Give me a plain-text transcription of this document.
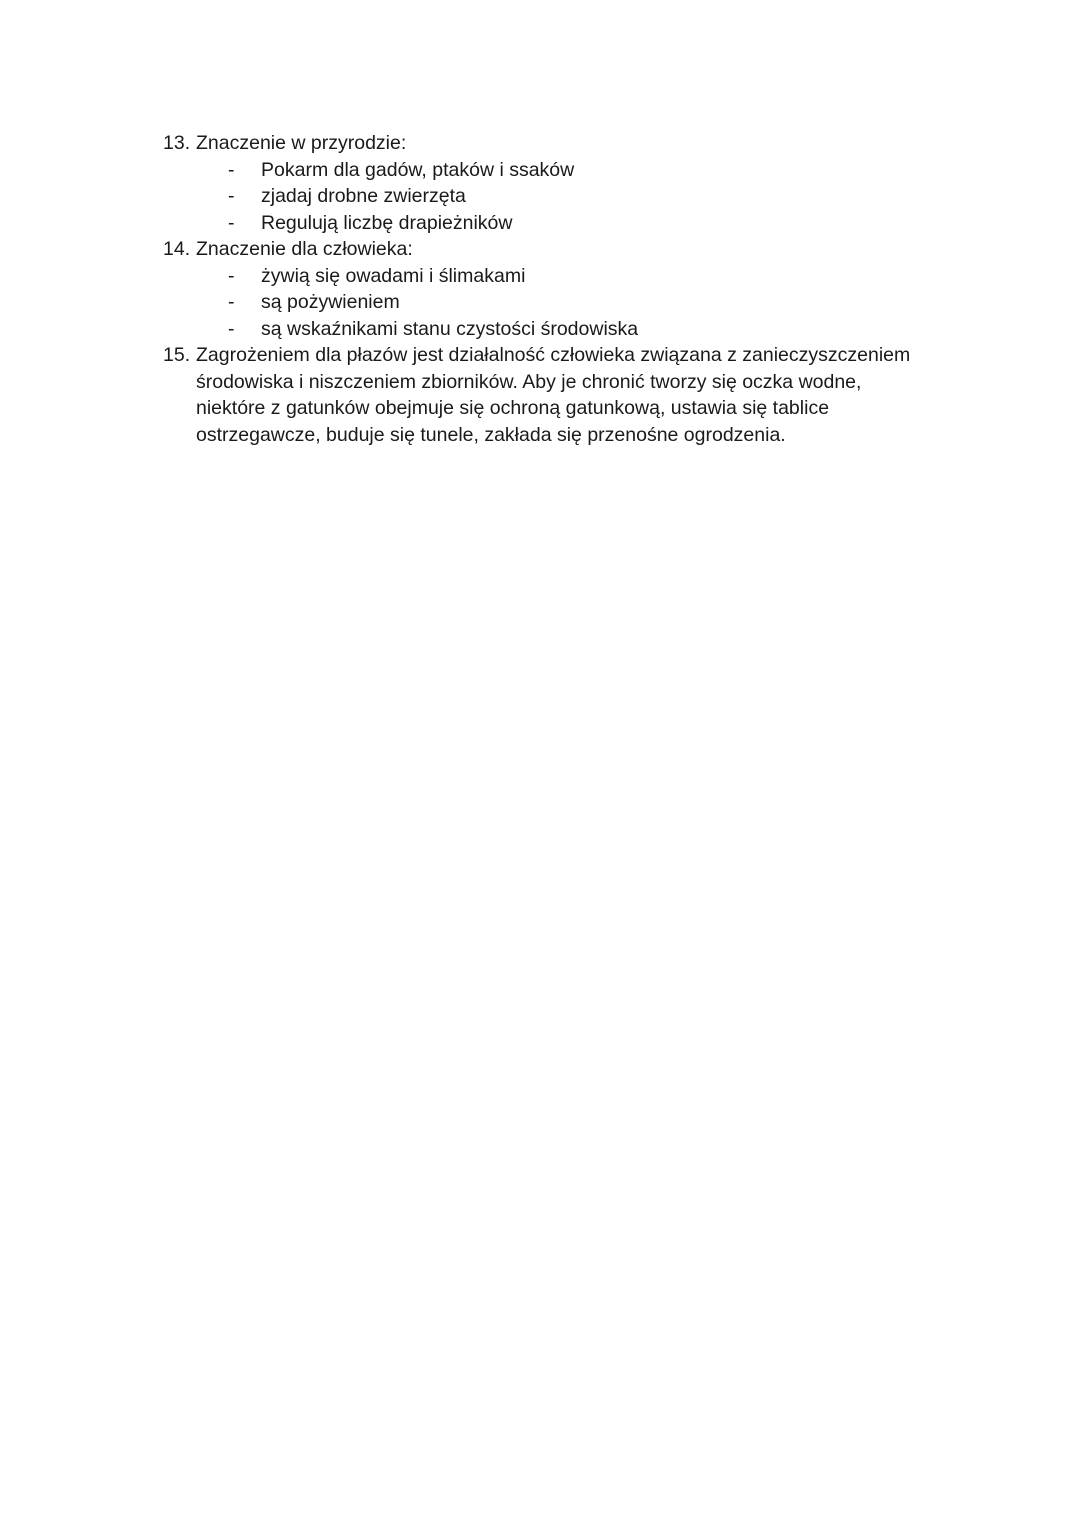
13. Znaczenie w przyrodzie:
- Pokarm dla gadów, ptaków i ssaków
- zjadaj drobne zwierzęta
- Regulują liczbę drapieżników
14. Znaczenie dla człowieka:
- żywią się owadami i ślimakami
- są pożywieniem
- są wskaźnikami stanu czystości środowiska
15. Zagrożeniem dla płazów jest działalność człowieka związana z zanieczyszczeniem
środowiska i niszczeniem zbiorników. Aby je chronić tworzy się oczka wodne,
niektóre z gatunków obejmuje się ochroną gatunkową, ustawia się tablice
ostrzegawcze, buduje się tunele, zakłada się przenośne ogrodzenia.
